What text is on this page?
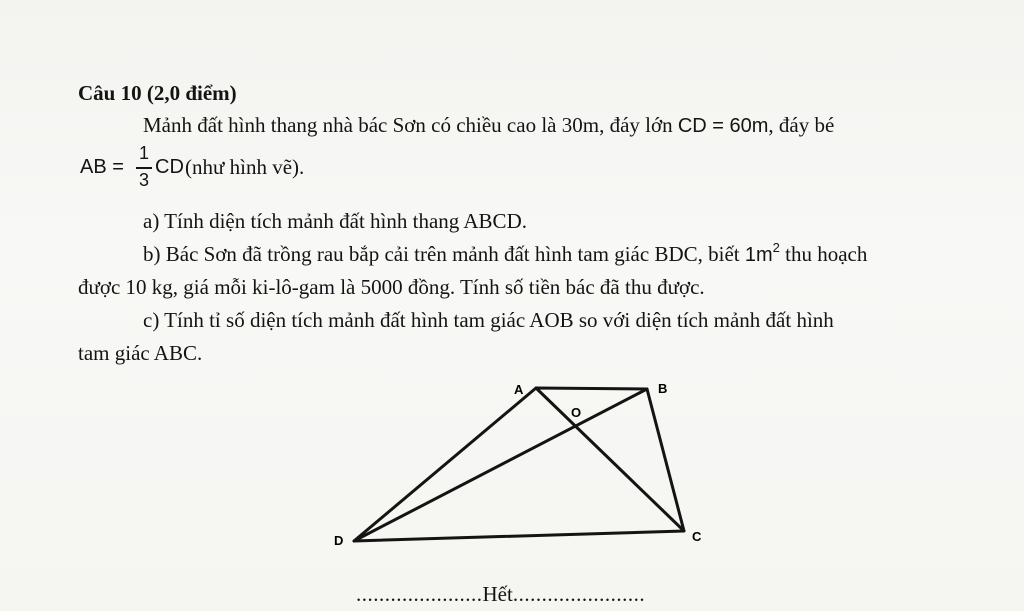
Câu 10 (2,0 điểm)
Mảnh đất hình thang nhà bác Sơn có chiều cao là 30m, đáy lớn CD = 60m, đáy bé
AB =
1
3
CD (như hình vẽ).
a) Tính diện tích mảnh đất hình thang ABCD.
b) Bác Sơn đã trồng rau bắp cải trên mảnh đất hình tam giác BDC, biết $1m^2$ thu hoạch
được 10 kg, giá mỗi ki-lô-gam là 5000 đồng. Tính số tiền bác đã thu được.
c) Tính tỉ số diện tích mảnh đất hình tam giác AOB so với diện tích mảnh đất hình
tam giác ABC.
A	B
O
C
D
......................Hết.......................
